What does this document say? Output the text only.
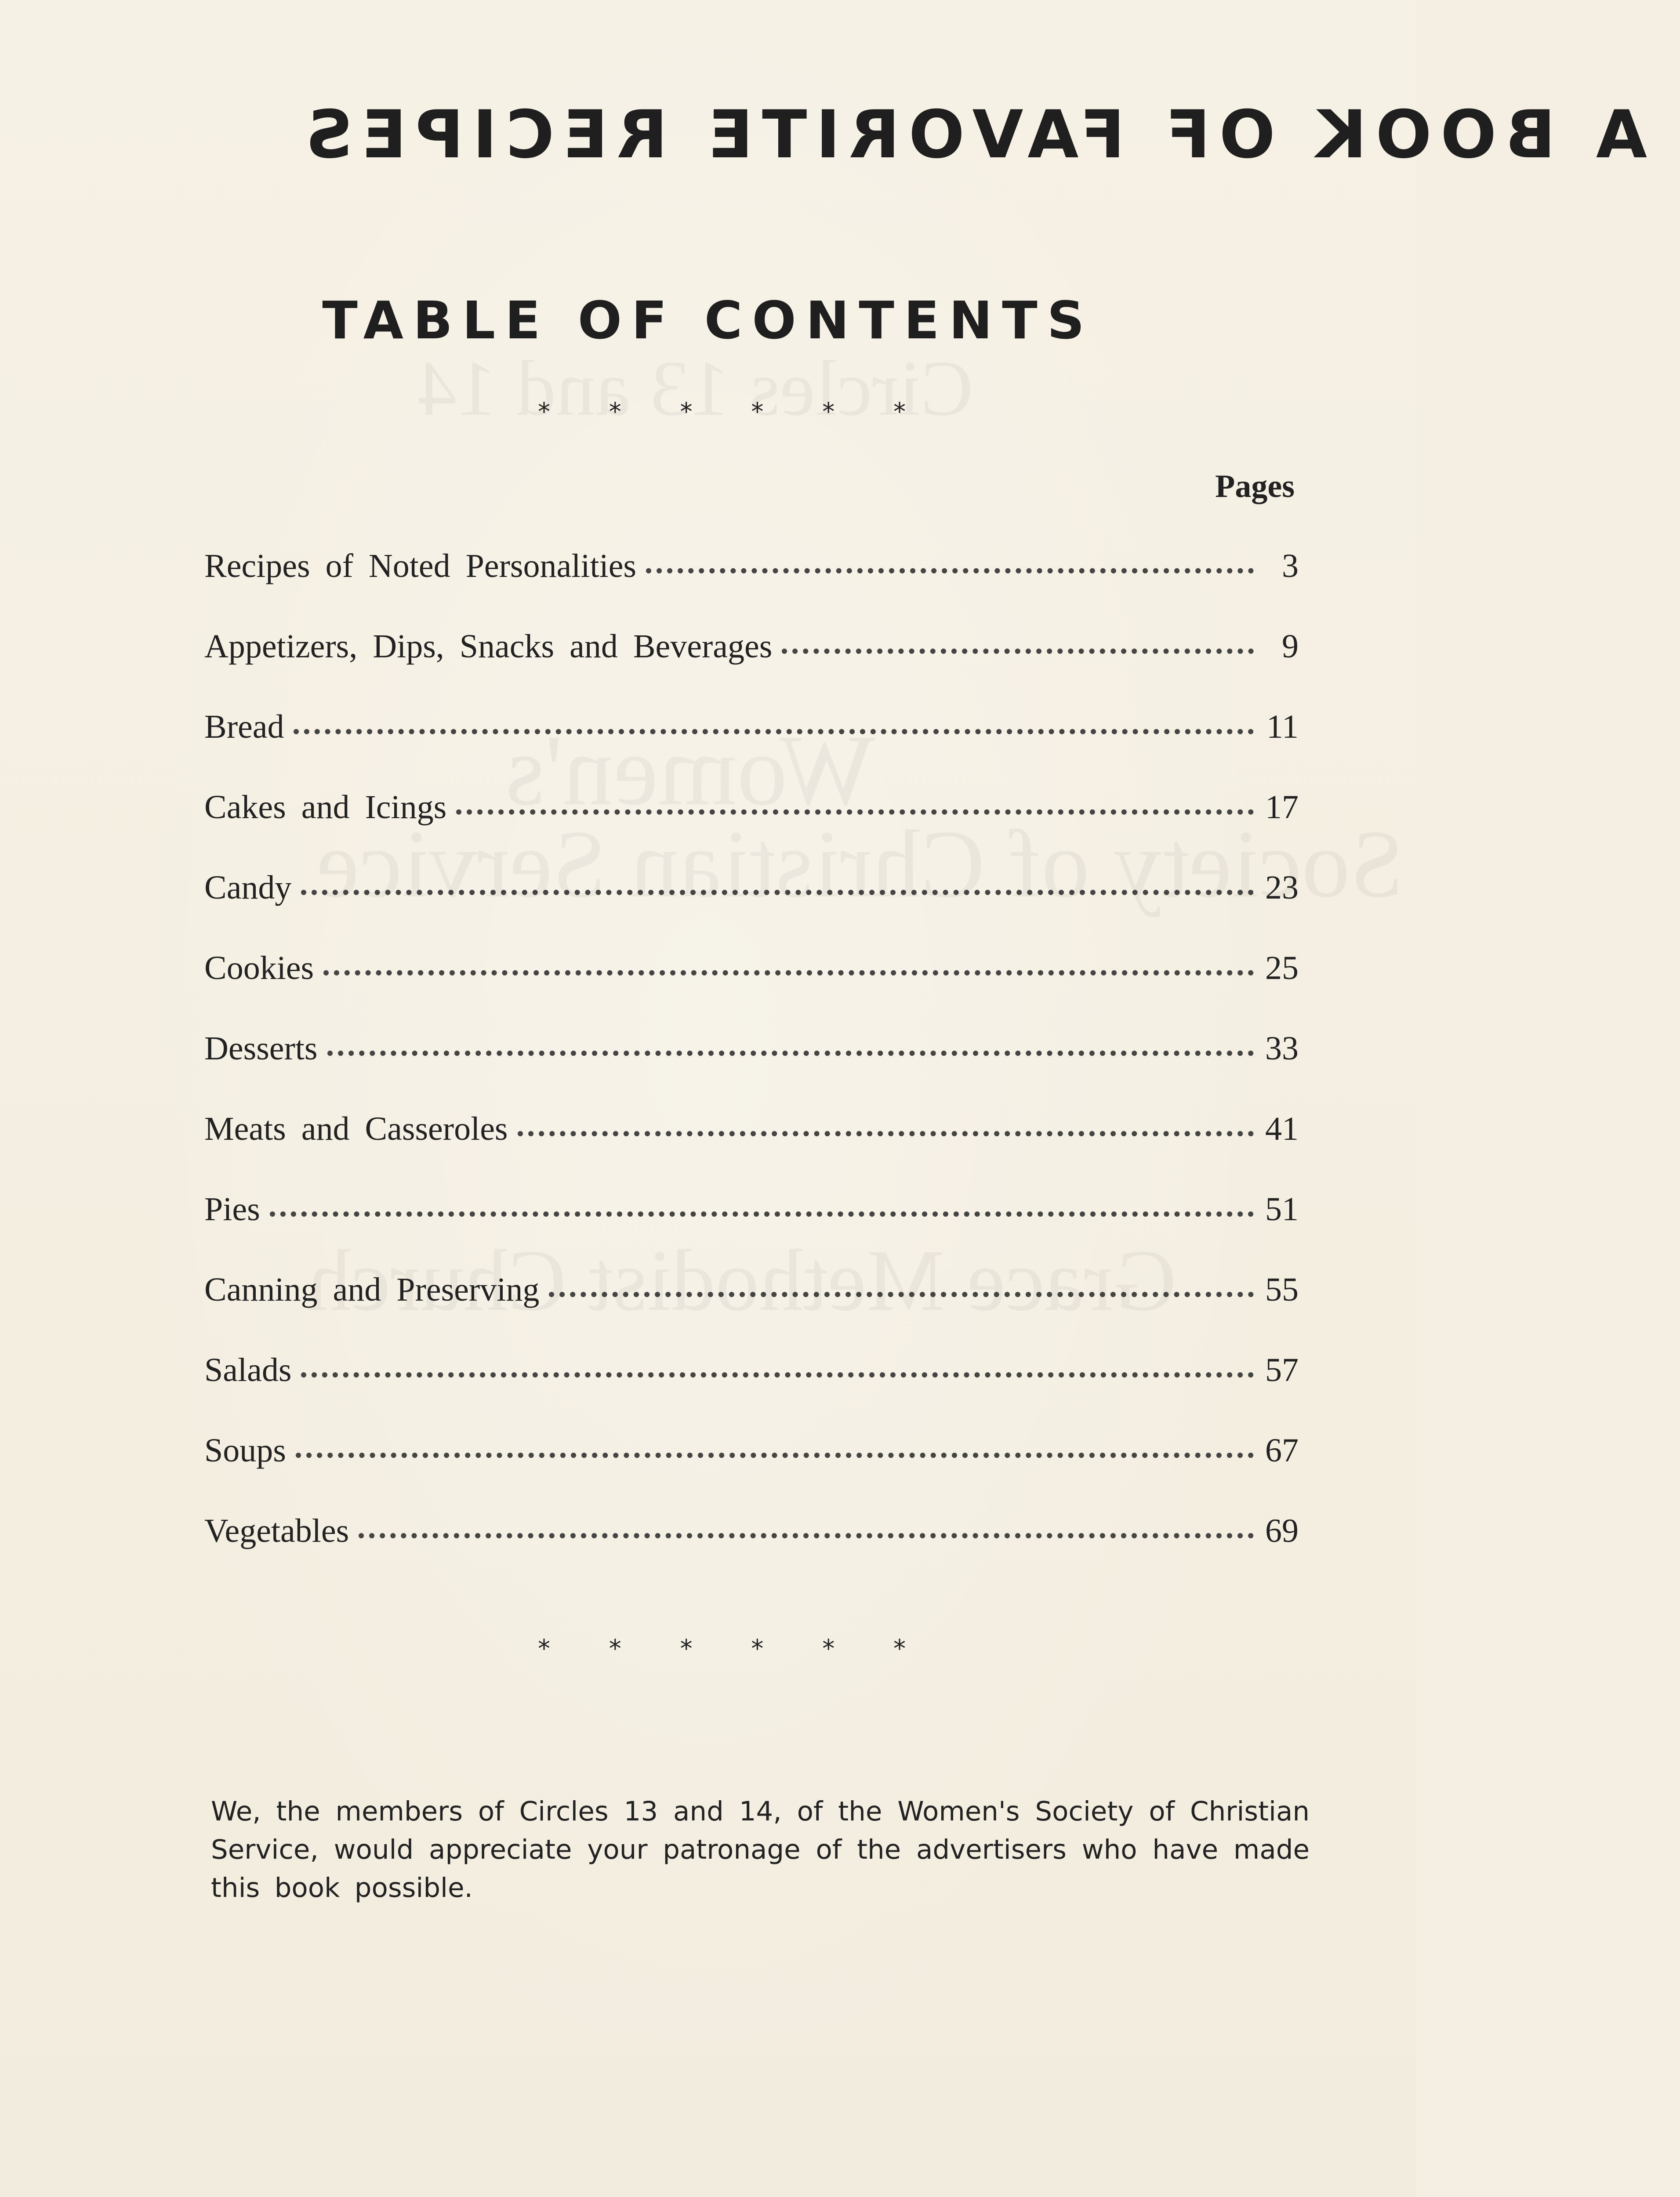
A BOOK OF FAVORITE RECIPES
TABLE OF CONTENTS
* * * * * *
Pages
Recipes of Noted Personalities	3
Appetizers, Dips, Snacks and Beverages	9
Bread	11
Cakes and Icings	17
Candy	23
Cookies	25
Desserts	33
Meats and Casseroles	41
Pies	51
Canning and Preserving	55
Salads	57
Soups	67
Vegetables	69
* * * * * *

We, the members of Circles 13 and 14, of the Women's Society of Christian Service, would appreciate your patronage of the advertisers who have made this book possible.
